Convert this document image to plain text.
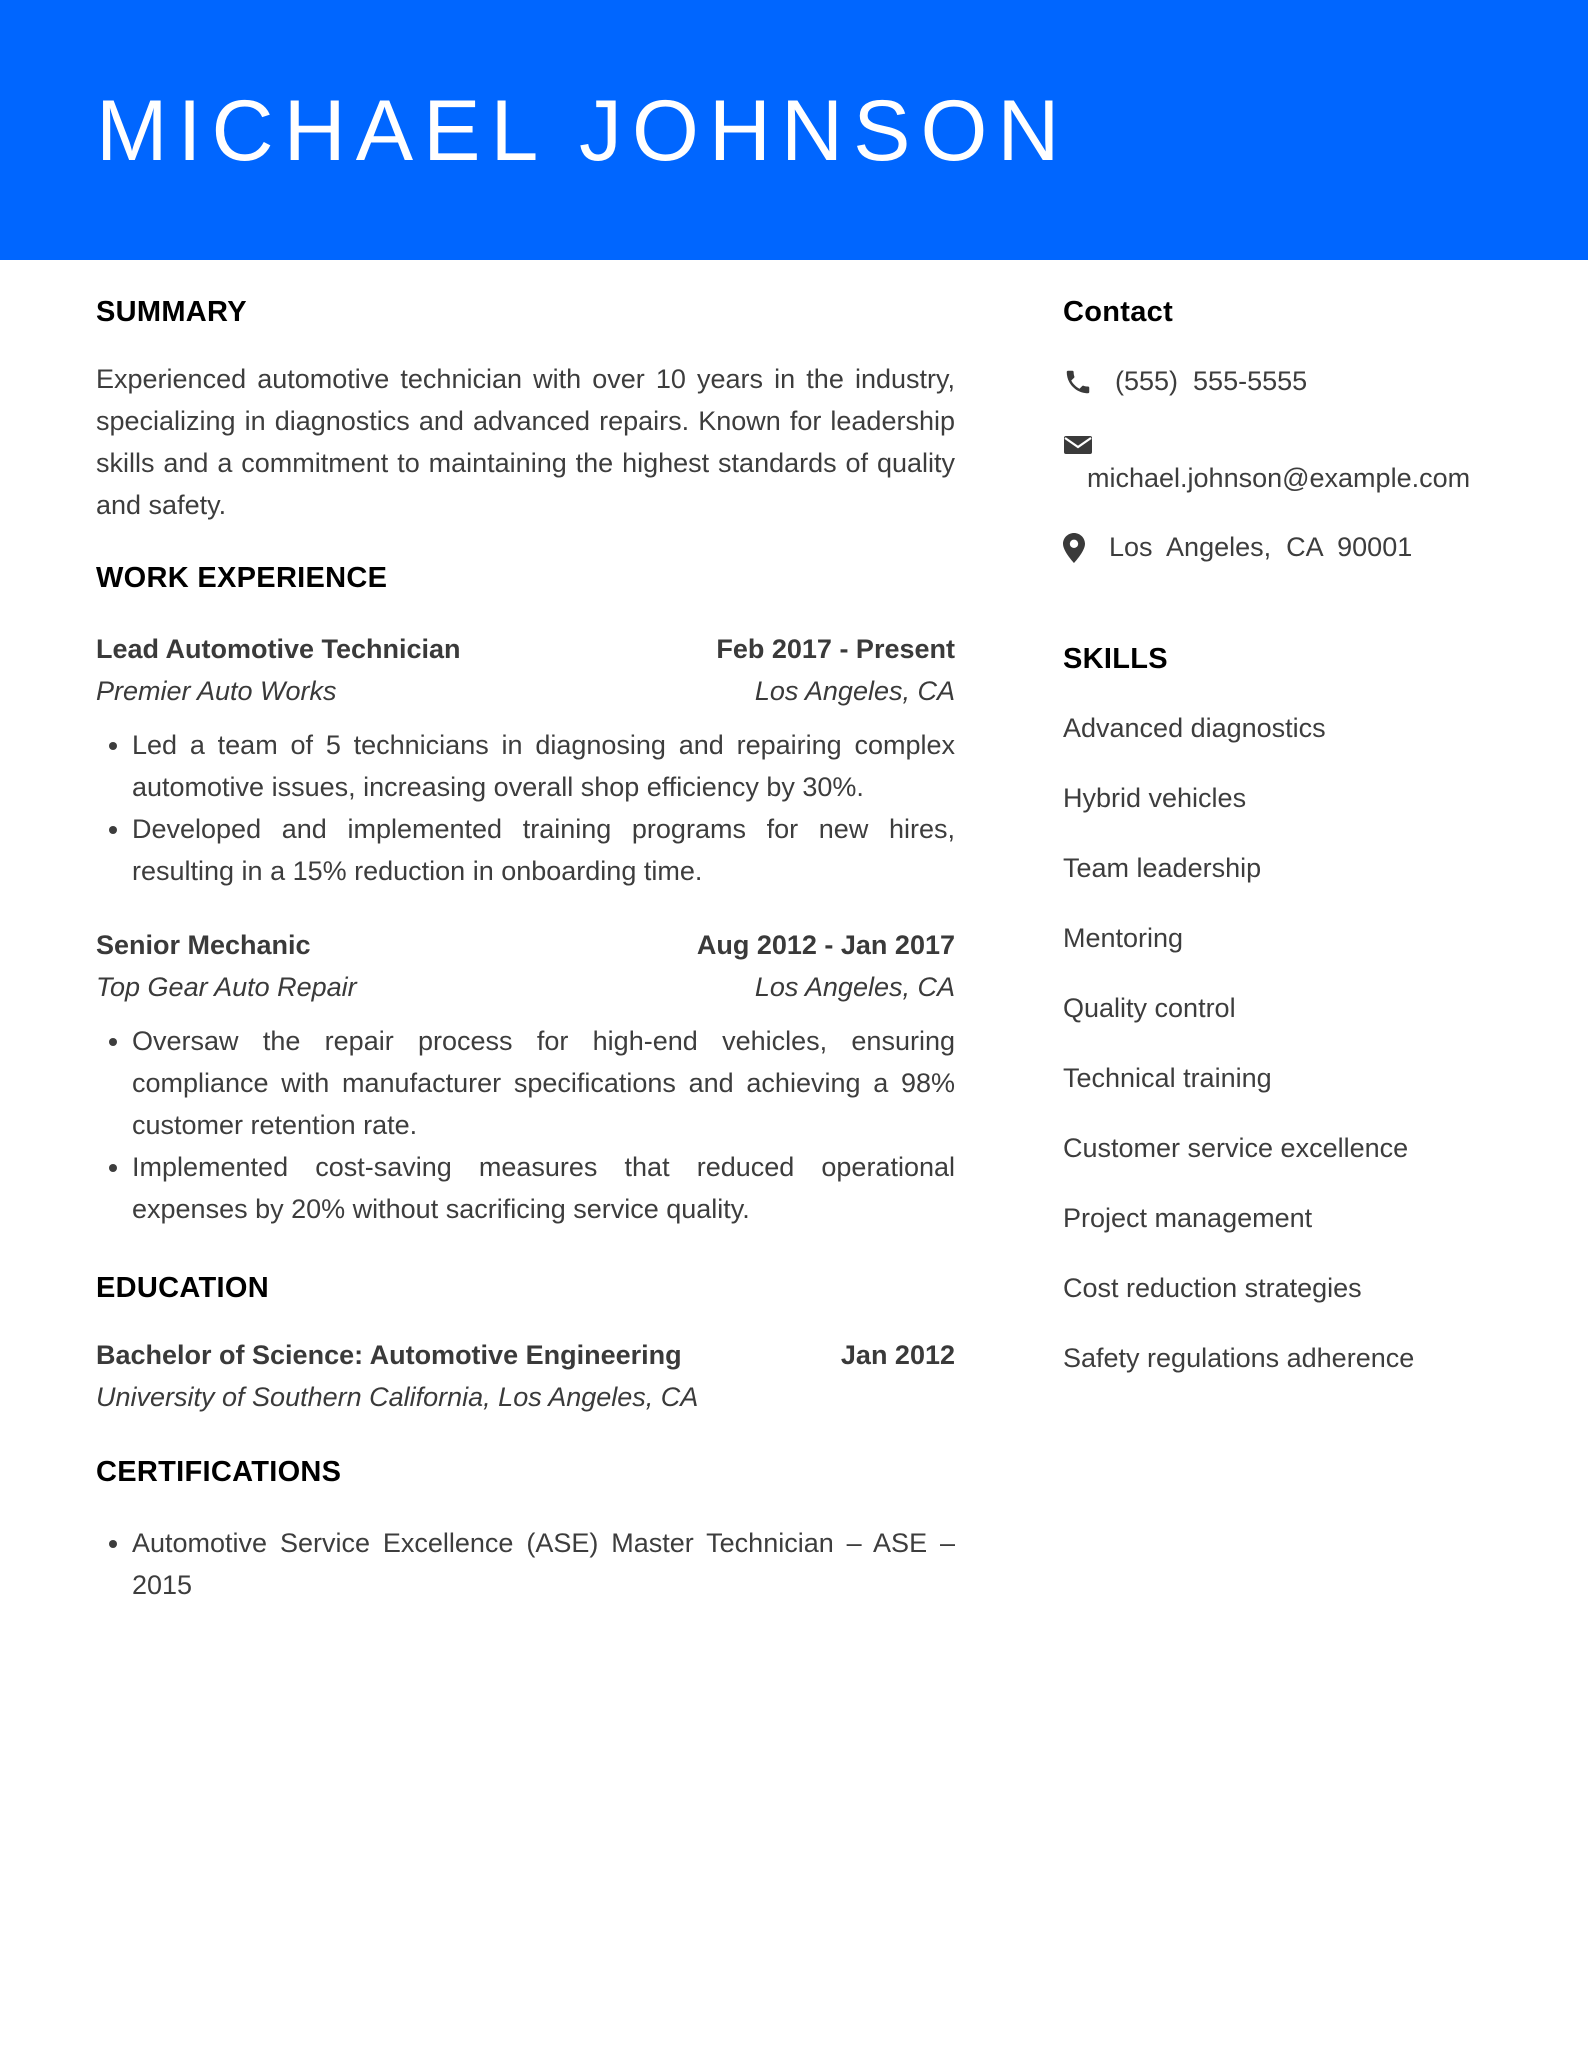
MICHAEL JOHNSON
SUMMARY

Experienced automotive technician with over 10 years in the industry, specializing in diagnostics and advanced repairs. Known for leadership skills and a commitment to maintaining the highest standards of quality and safety.

WORK EXPERIENCE
Lead Automotive Technician	Feb 2017 - Present
Premier Auto Works	Los Angeles, CA
• Led a team of 5 technicians in diagnosing and repairing complex automotive issues, increasing overall shop efficiency by 30%.
• Developed and implemented training programs for new hires, resulting in a 15% reduction in onboarding time.
Senior Mechanic	Aug 2012 - Jan 2017
Top Gear Auto Repair	Los Angeles, CA
• Oversaw the repair process for high-end vehicles, ensuring compliance with manufacturer specifications and achieving a 98% customer retention rate.
• Implemented cost-saving measures that reduced operational expenses by 20% without sacrificing service quality.
EDUCATION
Bachelor of Science: Automotive Engineering	Jan 2012
University of Southern California, Los Angeles, CA
CERTIFICATIONS
• Automotive Service Excellence (ASE) Master Technician – ASE – 2015
Contact
(555)  555-5555
michael.johnson@example.com
Los  Angeles,  CA  90001
SKILLS
Advanced diagnostics
Hybrid vehicles
Team leadership
Mentoring
Quality control
Technical training
Customer service excellence
Project management
Cost reduction strategies
Safety regulations adherence
